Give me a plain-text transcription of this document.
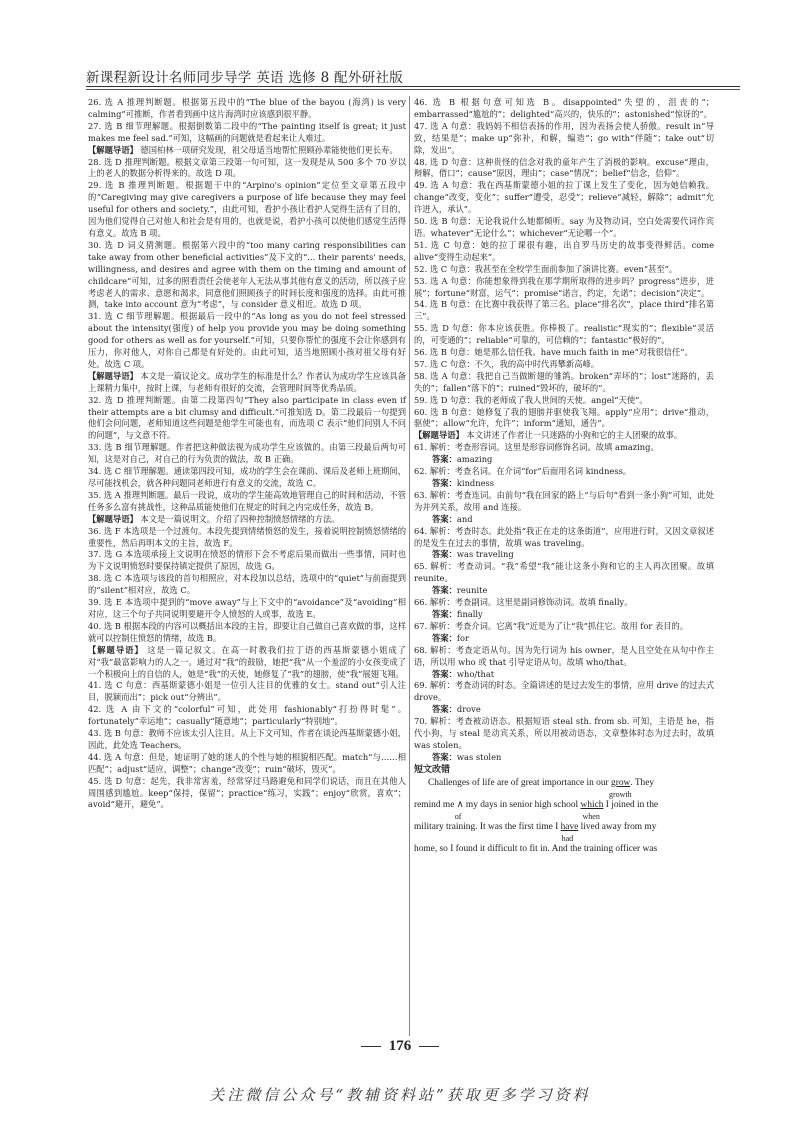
新课程新设计名师同步导学 英语 选修 8 配外研社版
26. 选 A 推理判断题。根据第五段中的“The blue of the bayou (海湾) is very calming”可推断，作者看到画中这片海湾时应该感到很平静。
27. 选 B 细节理解题。根据倒数第二段中的“The painting itself is great; it just makes me feel sad.”可知，这幅画的问题就是看起来让人难过。
【解题导语】 德国柏林一项研究发现，祖父母适当地帮忙照顾孙辈能使他们更长寿。
28. 选 D 推理判断题。根据文章第三段第一句可知，这一发现是从 500 多个 70 岁以上的老人的数据分析得来的。故选 D 项。
29. 选 B 推理判断题。根据题干中的“Arpino's opinion”定位至文章第五段中的“Caregiving may give caregivers a purpose of life because they may feel useful for others and society.”，由此可知，看护小孩让看护人觉得生活有了目的，因为他们觉得自己对他人和社会是有用的，也就是说，看护小孩可以使他们感觉生活得有意义。故选 B 项。
30. 选 D 词义猜测题。根据第六段中的“too many caring responsibilities can take away from other beneficial activities”及下文的“... their parents' needs, willingness, and desires and agree with them on the timing and amount of childcare”可知，过多的照看责任会使老年人无法从事其他有意义的活动，所以孩子应考虑老人的需求、意愿和渴求，同意他们照顾孩子的时间长度和强度的选择。由此可推测，take into account 意为“考虑”，与 consider 意义相近。故选 D 项。
31. 选 C 细节理解题。根据最后一段中的“As long as you do not feel stressed about the intensity(强度) of help you provide you may be doing something good for others as well as for yourself.”可知，只要你帮忙的强度不会让你感到有压力，你对他人，对你自己都是有好处的。由此可知，适当地照顾小孩对祖父母有好处。故选 C 项。
【解题导语】 本文是一篇议论文。成功学生的标准是什么？作者认为成功学生应该具备上课精力集中，按时上课，与老师有很好的交流，会管理时间等优秀品质。
32. 选 D 推理判断题。由第二段第四句“They also participate in class even if their attempts are a bit clumsy and difficult.”可推知选 D。第二段最后一句提到他们会问问题，老师知道这些问题是他学生可能也有，而选项 C 表示“他们问别人不问的问题”，与文意不符。
33. 选 B 细节理解题。作者把这种做法视为成功学生应该做的。由第三段最后两句可知，这是对自己，对自己的行为负责的做法，故 B 正确。
34. 选 C 细节理解题。通读第四段可知，成功的学生会在课前、课后及老师上班期间，尽可能找机会，就各种问题同老师进行有意义的交流，故选 C。
35. 选 A 推理判断题。最后一段说，成功的学生能高效地管理自己的时间和活动，不管任务多么富有挑战性，这种品质能使他们在规定的时间之内完成任务，故选 B。
【解题导语】 本文是一篇说明文。介绍了四种控制愤怒情绪的方法。
36. 选 F 本选项是一个过渡句。本段先提到情绪愤怒的发生，接着说明控制愤怒情绪的重要性，然后再明本文的主旨，故选 F。
37. 选 G 本选项承接上文说明在愤怒的情形下会不考虑后果而做出一些事情，同时也为下文说明愤怒时要保持镇定提供了原因，故选 G。
38. 选 C 本选项与该段的首句相照应，对本段加以总结，选项中的“quiet”与前面提到的“silent”相对应，故选 C。
39. 选 E 本选项中提到的“move away”与上下文中的“avoidance”及“avoiding”相对应，这三个句子共同说明要避开令人愤怒的人或事，故选 E。
40. 选 B 根据本段的内容可以概括出本段的主旨，即要让自己做自己喜欢做的事，这样就可以控制住愤怒的情绪，故选 B。
【解题导语】 这是一篇记叙文。在高一时教我们拉丁语的西基斯蒙德小姐成了对“我”最富影响力的人之一。通过对“我”的鼓励，她把“我”从一个羞涩的小女孩变成了一个积极向上的自信的人，她是“我”的天使，她修复了“我”的翅膀，使“我”展翅飞翔。
41. 选 C 句意：西基斯蒙德小姐是一位引人注目的优雅的女士。stand out“引人注目，脱颖而出”；pick out“分辨出”。
42. 选 A 由下文的“colorful”可知，此处用 fashionably“打扮得时髦”。fortunately“幸运地”；casually“随意地”；particularly“特别地”。
43. 选 B 句意：教师不应该太引人注目。从上下文可知，作者在谈论西基斯蒙德小姐，因此，此处选 Teachers。
44. 选 A 句意：但是，她证明了她的迷人的个性与她的相貌相匹配。match“与……相匹配”；adjust“适应，调整”；change“改变”；ruin“破坏，毁灭”。
45. 选 D 句意：起先，我非常害羞，经常穿过马路避免和同学们说话，而且在其他人周围感到尴尬。keep“保持，保留”；practice“练习，实践”；enjoy“欣赏，喜欢”；avoid“避开，避免”。
46. 选 B 根据句意可知选 B。disappointed“失望的，沮丧的”；embarrassed“尴尬的”；delighted“高兴的，快乐的”；astonished“惊讶的”。
47. 选 A 句意：我妈妈不相信表扬的作用，因为表扬会使人骄傲。result in“导致，结果是”；make up“弥补，和解，编造”；go with“伴随”；take out“切除，发出”。
48. 选 D 句意：这种贵怪的信念对我的童年产生了消极的影响。excuse“理由，辩解，借口”；cause“原因，理由”；case“情况”；belief“信念，信仰”。
49. 选 A 句意：我在西基斯蒙德小姐的拉丁课上发生了变化，因为她信赖我。change“改变，变化”；suffer“遭受，忍受”；relieve“减轻，解除”；admit“允许进入，承认”。
50. 选 B 句意：无论我说什么她都倾听。say 为及物动词，空白处需要代词作宾语。whatever“无论什么”；whichever“无论哪一个”。
51. 选 C 句意：她的拉丁课很有趣，出自罗马历史的故事变得鲜活。come alive“变得生动起来”。
52. 选 C 句意：我甚至在全校学生面前参加了演讲比赛。even“甚至”。
53. 选 A 句意：你能想象得到我在那学期所取得的进步吗？progress“进步，进展”；fortune“财富，运气”；promise“诺言，约定，允诺”；decision“决定”。
54. 选 B 句意：在比赛中我获得了第三名。place“排名次”，place third“排名第三”。
55. 选 D 句意：你本应该获胜。你棒极了。realistic“现实的”；flexible“灵活的，可变通的”；reliable“可靠的，可信赖的”；fantastic“极好的”。
56. 选 B 句意：她是那么信任我。have much faith in me“对我很信任”。
57. 选 C 句意：不久，我的高中时代再攀新高峰。
58. 选 A 句意：我把自己当做断翅的雏鸽。broken“弄坏的”；lost“迷路的，丢失的”；fallen“落下的”；ruined“毁坏的，破坏的”。
59. 选 D 句意：我的老师成了我人世间的天使。angel“天使”。
60. 选 B 句意：她修复了我的翅膀并驱使我飞翔。apply“应用”；drive“推动，驱使”；allow“允许，允许”；inform“通知，通告”。
【解题导语】 本文讲述了作者让一只迷路的小狗和它的主人团聚的故事。
61. 解析：考查形容词。这里是形容词修饰名词。故填 amazing。
答案：amazing
62. 解析：考查名词。在介词“for”后面用名词 kindness。
答案：kindness
63. 解析：考查连词。由前句“我在回家的路上”与后句“看到一条小狗”可知，此处为并列关系，故用 and 连接。
答案：and
64. 解析：考查时态。此处指“我正在走的这条街道”，应用进行时，又因文章叙述的是发生在过去的事情，故填 was traveling。
答案：was traveling
65. 解析：考查动词。“我”希望“我”能让这条小狗和它的主人再次团聚。故填 reunite。
答案：reunite
66. 解析：考查副词。这里是副词修饰动词。故填 finally。
答案：finally
67. 解析：考查介词。它离“我”近是为了让“我”抓住它。故用 for 表目的。
答案：for
68. 解析：考查定语从句。因为先行词为 his owner，是人且空处在从句中作主语，所以用 who 或 that 引导定语从句。故填 who/that。
答案：who/that
69. 解析：考查动词的时态。全篇讲述的是过去发生的事情，应用 drive 的过去式 drove。
答案：drove
70. 解析：考查被动语态。根据短语 steal sth. from sb. 可知，主语是 he，指代小狗，与 steal 是动宾关系，所以用被动语态，文章整体时态为过去时，故填 was stolen。
答案：was stolen
短文改错
Challenges of life are of great importance in our grow
growth
. They
remind me ∧
of
my days in senior high school which
when
I joined in the
military training. It was the first time I have
had
lived away from my
home, so I found it difficult to fit in. And the training officer was
176
关注微信公众号“教辅资料站”获取更多学习资料
